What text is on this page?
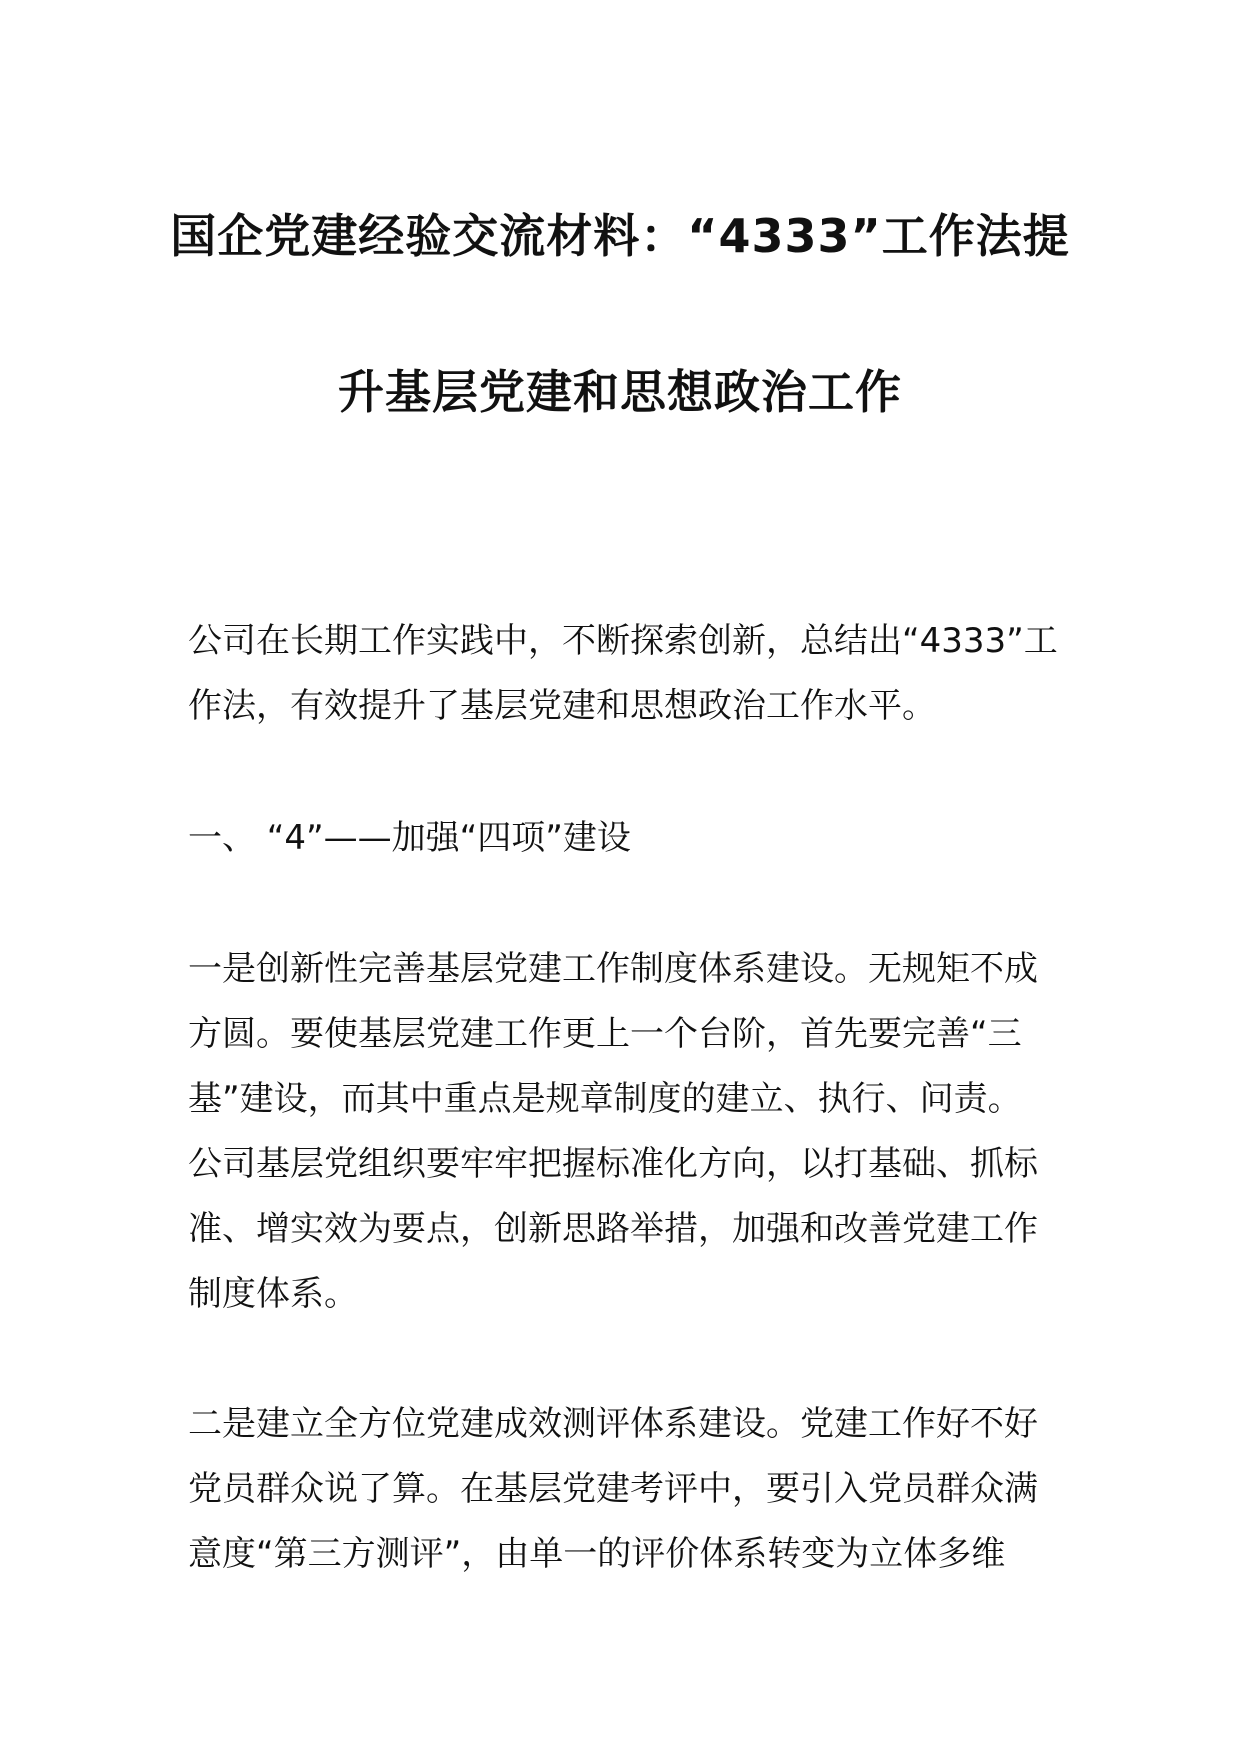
国企党建经验交流材料：“4333”工作法提
升基层党建和思想政治工作
公司在长期工作实践中，不断探索创新，总结出“4333”工
作法，有效提升了基层党建和思想政治工作水平。
一、 “4”——加强“四项”建设
一是创新性完善基层党建工作制度体系建设。无规矩不成
方圆。要使基层党建工作更上一个台阶，首先要完善“三
基”建设，而其中重点是规章制度的建立、执行、问责。
公司基层党组织要牢牢把握标准化方向，以打基础、抓标
准、增实效为要点，创新思路举措，加强和改善党建工作
制度体系。
二是建立全方位党建成效测评体系建设。党建工作好不好
党员群众说了算。在基层党建考评中，要引入党员群众满
意度“第三方测评”，由单一的评价体系转变为立体多维
